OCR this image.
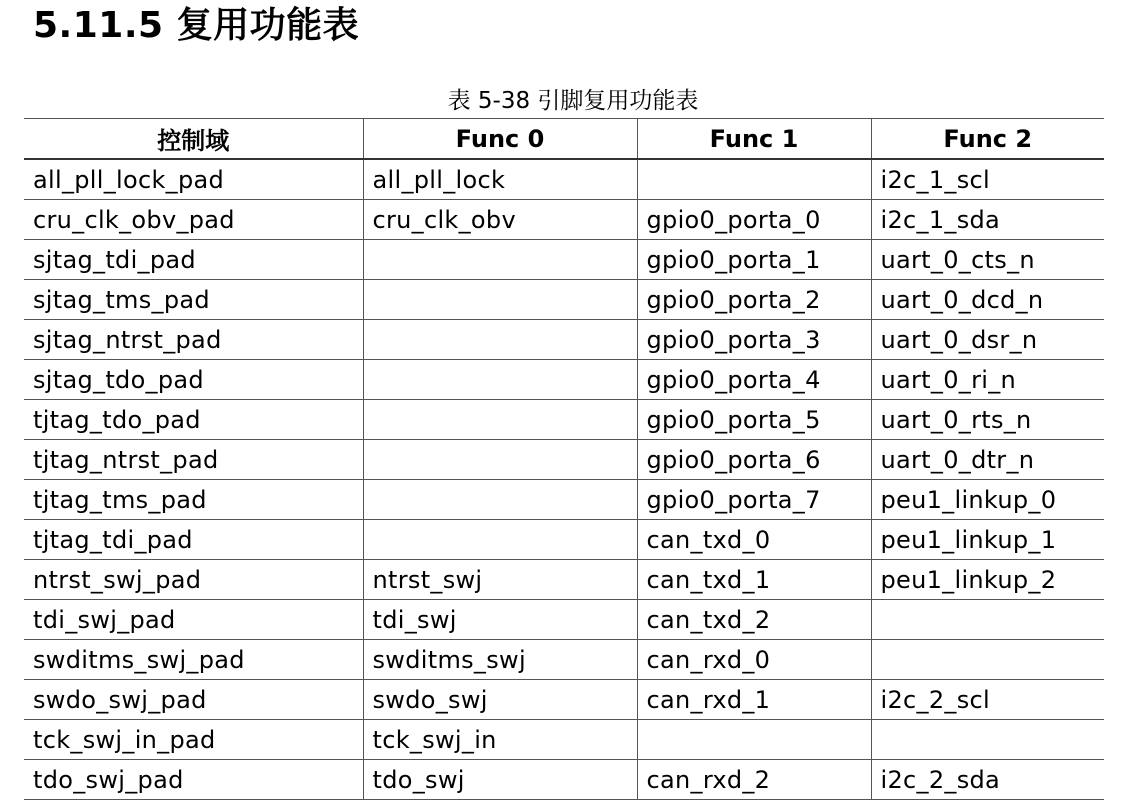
5.11.5 复用功能表
表 5-38 引脚复用功能表
控制域	Func 0	Func 1	Func 2
all_pll_lock_pad	all_pll_lock		i2c_1_scl
cru_clk_obv_pad	cru_clk_obv	gpio0_porta_0	i2c_1_sda
sjtag_tdi_pad		gpio0_porta_1	uart_0_cts_n
sjtag_tms_pad		gpio0_porta_2	uart_0_dcd_n
sjtag_ntrst_pad		gpio0_porta_3	uart_0_dsr_n
sjtag_tdo_pad		gpio0_porta_4	uart_0_ri_n
tjtag_tdo_pad		gpio0_porta_5	uart_0_rts_n
tjtag_ntrst_pad		gpio0_porta_6	uart_0_dtr_n
tjtag_tms_pad		gpio0_porta_7	peu1_linkup_0
tjtag_tdi_pad		can_txd_0	peu1_linkup_1
ntrst_swj_pad	ntrst_swj	can_txd_1	peu1_linkup_2
tdi_swj_pad	tdi_swj	can_txd_2	
swditms_swj_pad	swditms_swj	can_rxd_0	
swdo_swj_pad	swdo_swj	can_rxd_1	i2c_2_scl
tck_swj_in_pad	tck_swj_in		
tdo_swj_pad	tdo_swj	can_rxd_2	i2c_2_sda
